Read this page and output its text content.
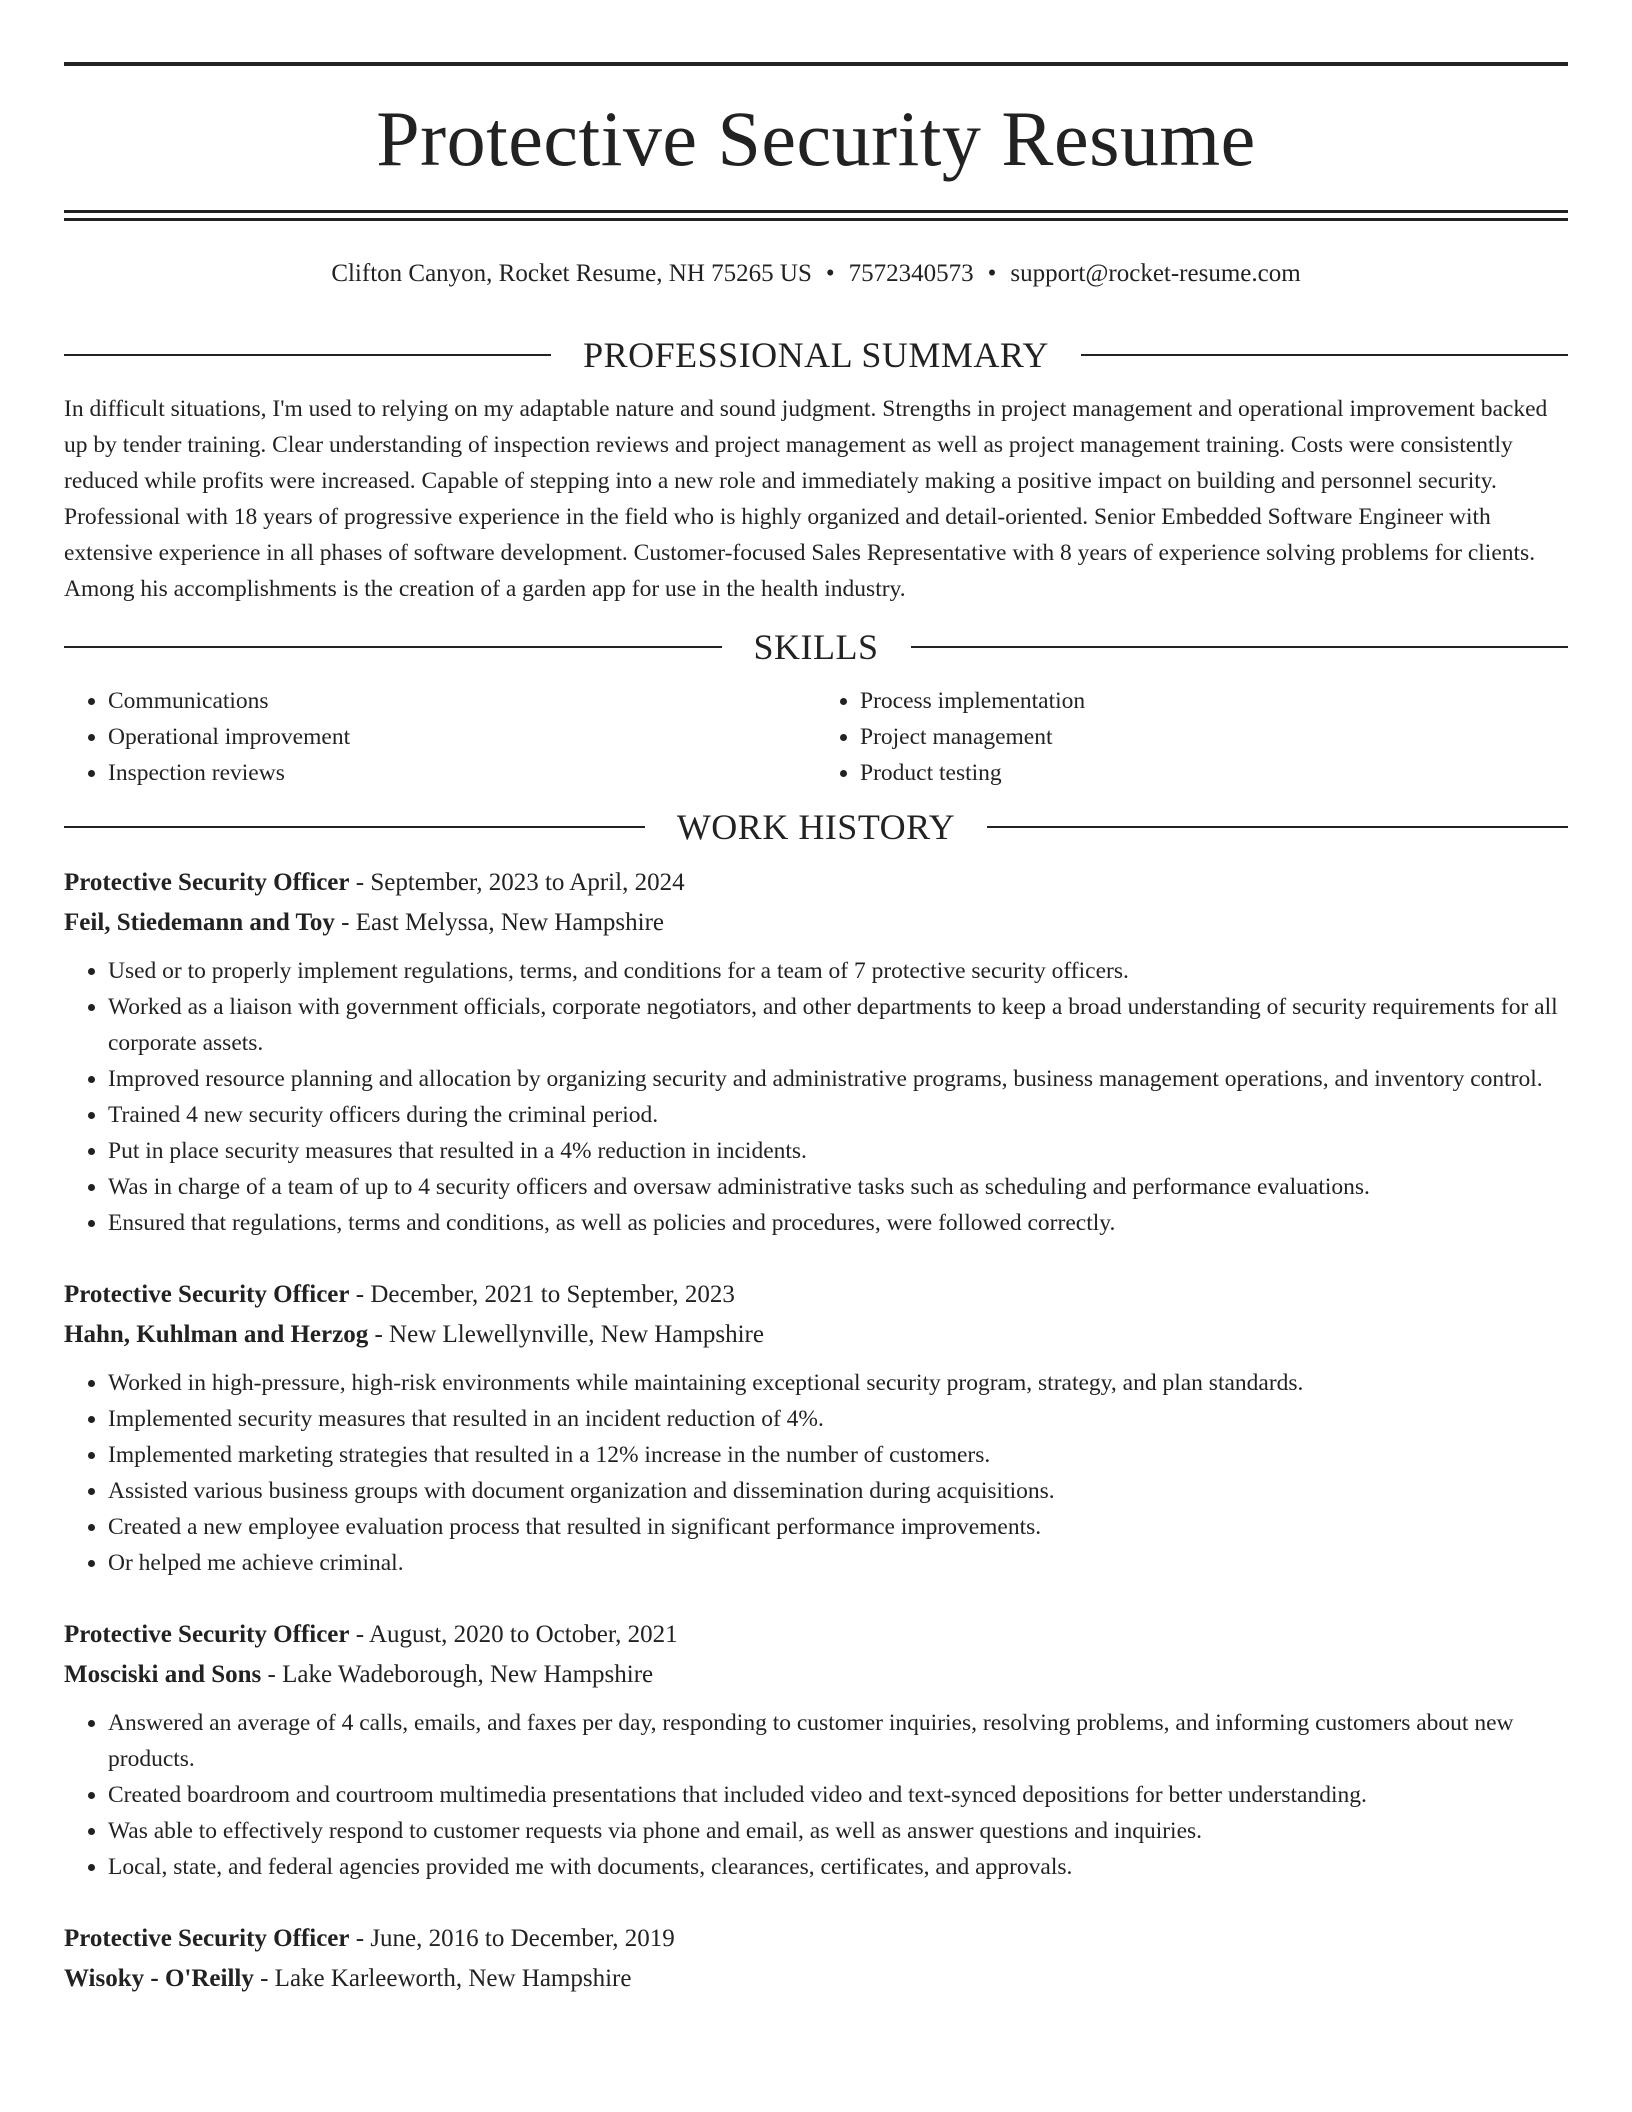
Protective Security Resume
Clifton Canyon, Rocket Resume, NH 75265 US • 7572340573 • support@rocket-resume.com
PROFESSIONAL SUMMARY

In difficult situations, I'm used to relying on my adaptable nature and sound judgment. Strengths in project management and operational improvement backed up by tender training. Clear understanding of inspection reviews and project management as well as project management training. Costs were consistently reduced while profits were increased. Capable of stepping into a new role and immediately making a positive impact on building and personnel security. Professional with 18 years of progressive experience in the field who is highly organized and detail-oriented. Senior Embedded Software Engineer with extensive experience in all phases of software development. Customer-focused Sales Representative with 8 years of experience solving problems for clients. Among his accomplishments is the creation of a garden app for use in the health industry.

SKILLS
• Communications
• Operational improvement
• Inspection reviews
• Process implementation
• Project management
• Product testing
WORK HISTORY

Protective Security Officer - September, 2023 to April, 2024

Feil, Stiedemann and Toy - East Melyssa, New Hampshire

• Used or to properly implement regulations, terms, and conditions for a team of 7 protective security officers.
• Worked as a liaison with government officials, corporate negotiators, and other departments to keep a broad understanding of security requirements for all corporate assets.
• Improved resource planning and allocation by organizing security and administrative programs, business management operations, and inventory control.
• Trained 4 new security officers during the criminal period.
• Put in place security measures that resulted in a 4% reduction in incidents.
• Was in charge of a team of up to 4 security officers and oversaw administrative tasks such as scheduling and performance evaluations.
• Ensured that regulations, terms and conditions, as well as policies and procedures, were followed correctly.

Protective Security Officer - December, 2021 to September, 2023

Hahn, Kuhlman and Herzog - New Llewellynville, New Hampshire

• Worked in high-pressure, high-risk environments while maintaining exceptional security program, strategy, and plan standards.
• Implemented security measures that resulted in an incident reduction of 4%.
• Implemented marketing strategies that resulted in a 12% increase in the number of customers.
• Assisted various business groups with document organization and dissemination during acquisitions.
• Created a new employee evaluation process that resulted in significant performance improvements.
• Or helped me achieve criminal.

Protective Security Officer - August, 2020 to October, 2021

Mosciski and Sons - Lake Wadeborough, New Hampshire

• Answered an average of 4 calls, emails, and faxes per day, responding to customer inquiries, resolving problems, and informing customers about new products.
• Created boardroom and courtroom multimedia presentations that included video and text-synced depositions for better understanding.
• Was able to effectively respond to customer requests via phone and email, as well as answer questions and inquiries.
• Local, state, and federal agencies provided me with documents, clearances, certificates, and approvals.

Protective Security Officer - June, 2016 to December, 2019

Wisoky - O'Reilly - Lake Karleeworth, New Hampshire
